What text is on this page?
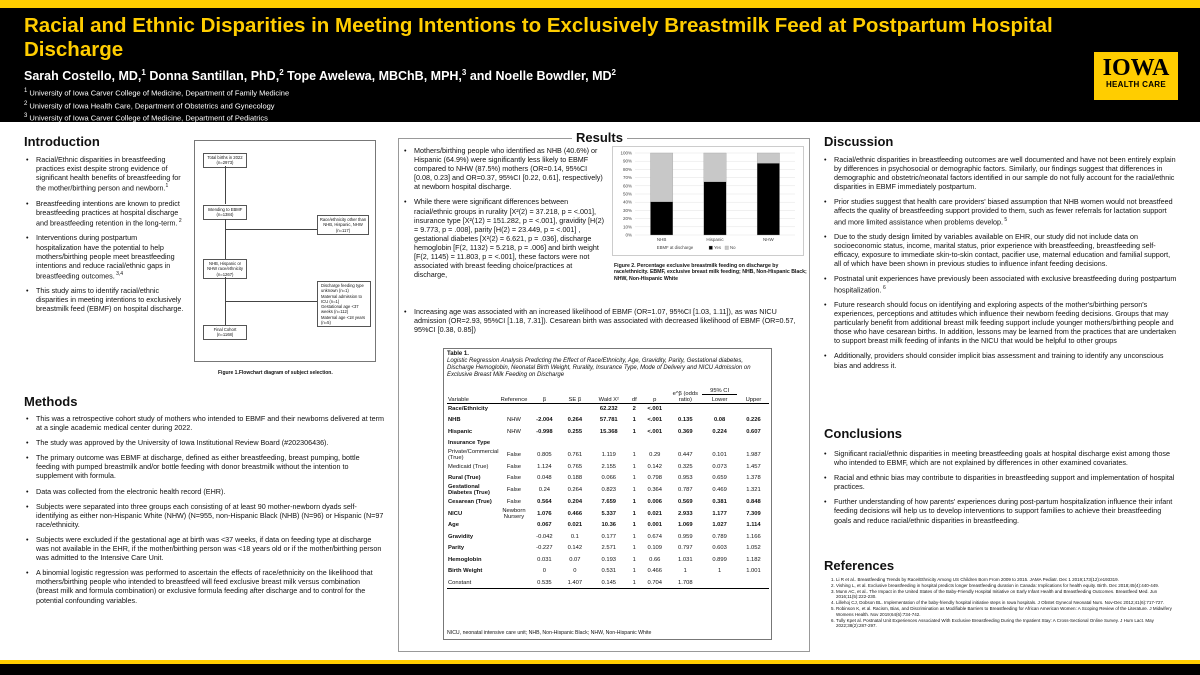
Racial and Ethnic Disparities in Meeting Intentions to Exclusively Breastmilk Feed at Postpartum Hospital Discharge
Sarah Costello, MD,$^1$ Donna Santillan, PhD,$^2$ Tope Awelewa, MBChB, MPH,$^3$ and Noelle Bowdler, $MD^2$
$^1$ University of Iowa Carver College of Medicine, Department of Family Medicine
$^2$ University of Iowa Health Care, Department of Obstetrics and Gynecology
$^3$ University of Iowa Carver College of Medicine, Department of Pediatrics
IOWA
HEALTH CARE
Introduction
• Racial/Ethnic disparities in breastfeeding practices exist despite strong evidence of significant health benefits of breastfeeding for the mother/birthing person and newborn.$^1$
• Breastfeeding intentions are known to predict breastfeeding practices at hospital discharge and breastfeeding retention in the long-term. $^2$
• Interventions during postpartum hospitalization have the potential to help mothers/birthing people meet breastfeeding intentions and reduce racial/ethnic gaps in breastfeeding outcomes. $^{3,4}$
• This study aims to identify racial/ethnic disparities in meeting intentions to exclusively breastmilk feed (EBMF) on hospital discharge.
Total births in 2022 (n=2973)
Intending to EBMF (n=1384)
Race/ethnicity other than NHB, Hispanic, NHW (n=117)
NHB, Hispanic or NHW race/ethnicity (n=1267)
Discharge feeding type unknown (n=1)
Maternal admission to ICU (n=1)
Gestational age <37 weeks (n=112)
Maternal age <18 years (n=5)
Final Cohort (n=1168)
Figure 1.Flowchart diagram of subject selection.
Methods
• This was a retrospective cohort study of mothers who intended to EBMF and their newborns delivered at term at a single academic medical center during 2022.
• The study was approved by the University of Iowa Institutional Review Board (#202306436).
• The primary outcome was EBMF at discharge, defined as either breastfeeding, breast pumping, bottle feeding with pumped breastmilk and/or bottle feeding with donor breastmilk without the intention to supplement with formula.
• Data was collected from the electronic health record (EHR).
• Subjects were separated into three groups each consisting of at least 90 mother-newborn dyads self-identifying as either non-Hispanic White (NHW) (N=955, non-Hispanic Black (NHB) (N=96) or Hispanic (N=97 race/ethnicity.
• Subjects were excluded if the gestational age at birth was <37 weeks, if data on feeding type at discharge was not available in the EHR, if the mother/birthing person was <18 years old or if the mother/birthing person was admitted to the Intensive Care Unit.
• A binomial logistic regression was performed to ascertain the effects of race/ethnicity on the likelihood that mothers/birthing people who intended to breastfeed will feed exclusive breast milk versus combination (breast milk and formula combination) or exclusive formula feeding after discharge and to control for the potential confounding variables.
Results
• Mothers/birthing people who identified as NHB (40.6%) or Hispanic (64.9%) were significantly less likely to EBMF compared to NHW (87.5%) mothers (OR=0.14, 95%CI [0.08, 0.23] and OR=0.37, 95%CI [0.22, 0.61], respectively) at newborn hospital discharge.
• While there were significant differences between racial/ethnic groups in rurality [X²(2) = 37.218, p = <.001], insurance type [X²(12) = 151.282, p = <.001], gravidity [H(2) = 9.773, p = .008], parity [H(2) = 23.449, p = <.001] , gestational diabetes [X²(2) = 6.621, p = .036], discharge hemoglobin [F(2, 1132) = 5.218, p = .006] and birth weight [F(2, 1145) = 11.803, p = <.001], these factors were not associated with breast feeding choice/practices at discharge,
• Increasing age was associated with an increased likelihood of EBMF (OR=1.07, 95%CI [1.03, 1.11]), as was NICU admission (OR=2.93, 95%CI [1.18, 7.31]). Cesarean birth was associated with decreased likelihood of EBMF (OR=0.57, 95%CI [0.38, 0.85])
0%
10%
20%
30%
40%
50%
60%
70%
80%
90%
100%
NHB	Hispanic	NHW
EBMF at discharge	Yes No
Figure 2. Percentage exclusive breastmilk feeding on discharge by race/ethnicity. EBMF, exclusive breast milk feeding; NHB, Non-Hispanic Black; NHW, Non-Hispanic White
Table 1.
Logistic Regression Analysis Predicting the Effect of Race/Ethnicity, Age, Gravidity, Parity, Gestational diabetes, Discharge Hemoglobin, Neonatal Birth Weight, Rurality, Insurance Type, Mode of Delivery and NICU Admission on Exclusive Breast Milk Feeding on Discharge
Variable	Reference	β	SE β	Wald X²	df	p	e^β (odds ratio)	95% CI
Lower	Upper
Race/Ethnicity				62.232	2	<.001			
NHB	NHW	-2.004	0.264	57.781	1	<.001	0.135	0.08	0.226
Hispanic	NHW	-0.998	0.255	15.368	1	<.001	0.369	0.224	0.607
Insurance Type									
Private/Commercial (True)	False	0.805	0.761	1.119	1	0.29	0.447	0.101	1.987
Medicaid (True)	False	1.124	0.765	2.155	1	0.142	0.325	0.073	1.457
Rural (True)	False	0.048	0.188	0.066	1	0.798	0.953	0.659	1.378
Gestational Diabetes (True)	False	0.24	0.264	0.823	1	0.364	0.787	0.469	1.321
Cesarean (True)	False	0.564	0.204	7.659	1	0.006	0.569	0.381	0.848
NICU	Newborn Nursery	1.076	0.466	5.337	1	0.021	2.933	1.177	7.309
Age		0.067	0.021	10.36	1	0.001	1.069	1.027	1.114
Gravidity		-0.042	0.1	0.177	1	0.674	0.959	0.789	1.166
Parity		-0.227	0.142	2.571	1	0.109	0.797	0.603	1.052
Hemoglobin		0.031	0.07	0.193	1	0.66	1.031	0.899	1.182
Birth Weight		0	0	0.531	1	0.466	1	1	1.001
Constant		0.535	1.407	0.145	1	0.704	1.708		
NICU, neonatal intensive care unit; NHB, Non-Hispanic Black; NHW, Non-Hispanic White
Discussion
• Racial/ethnic disparities in breastfeeding outcomes are well documented and have not been entirely explain by differences in psychosocial or demographic factors. Similarly, our findings suggest that differences in demographic and obstetric/neonatal factors identified in our sample do not fully account for the racial/ethnic disparities in EBMF immediately postpartum.
• Prior studies suggest that health care providers' biased assumption that NHB women would not breastfeed affects the quality of breastfeeding support provided to them, such as fewer referrals for lactation support and more limited assistance when problems develop. $^5$
• Due to the study design limited by variables available on EHR, our study did not include data on socioeconomic status, income, marital status, prior experience with breastfeeding, breastfeeding self-efficacy, exposure to immediate skin-to-skin contact, pacifier use, maternal education and familial support, all of which have been shown in previous studies to influence infant feeding decisions.
• Postnatal unit experiences have previously been associated with exclusive breastfeeding during postpartum hospitalization. $^6$
• Future research should focus on identifying and exploring aspects of the mother's/birthing person's experiences, perceptions and attitudes which influence their newborn feeding decisions. Groups that may particularly benefit from additional breast milk feeding support include younger mothers/birthing people and those who have cesarean births. In addition, lessons may be learned from the practices that are undertaken to support breast milk feeding of infants in the NICU that would be helpful to other groups
• Additionally, providers should consider implicit bias assessment and training to identify any unconscious bias and address it.
Conclusions
• Significant racial/ethnic disparities in meeting breastfeeding goals at hospital discharge exist among those who intended to EBMF, which are not explained by differences in other examined covariates.
• Racial and ethnic bias may contribute to disparities in breastfeeding support and implementation of hospital practices.
• Further understanding of how parents' experiences during post-partum hospitalization influence their infant feeding decisions will help us to develop interventions to support families to achieve their breastfeeding goals and reduce racial/ethnic disparities in breastfeeding.
References
1. Li R et al.. Breastfeeding Trends by Race/Ethnicity Among US Children Born From 2009 to 2015. JAMA Pediatr. Dec 1 2019;173(12):e193319.
2. Vishing L, et al. Exclusive breastfeeding in hospital predicts longer breastfeeding duration in Canada: Implications for health equity. Birth. Dec 2018;45(4):440-449.
3. Munn AC, et al.. The Impact in the United States of the Baby-Friendly Hospital Initiative on Early Infant Health and Breastfeeding Outcomes. Breastfeed Med. Jun 2016;11(5):222-230.
4. Lillehoj CJ, Dobson BL. Implementation of the baby-friendly hospital initiative steps in Iowa hospitals. J Obstet Gynecol Neonatal Nurs. Nov-Dec 2012;41(6):717-727.
5. Robinson K, et al. Racism, Bias, and Discrimination as Modifiable Barriers to Breastfeeding for African American Women: A Scoping Review of the Literature. J Midwifery Womens Health. Nov 2019;64(6):734-742.
6. Tully Kpet al. Postnatal Unit Experiences Associated With Exclusive Breastfeeding During the Inpatient Stay: A Cross-Sectional Online Survey. J Hum Lact. May 2022;38(2):287-297.
